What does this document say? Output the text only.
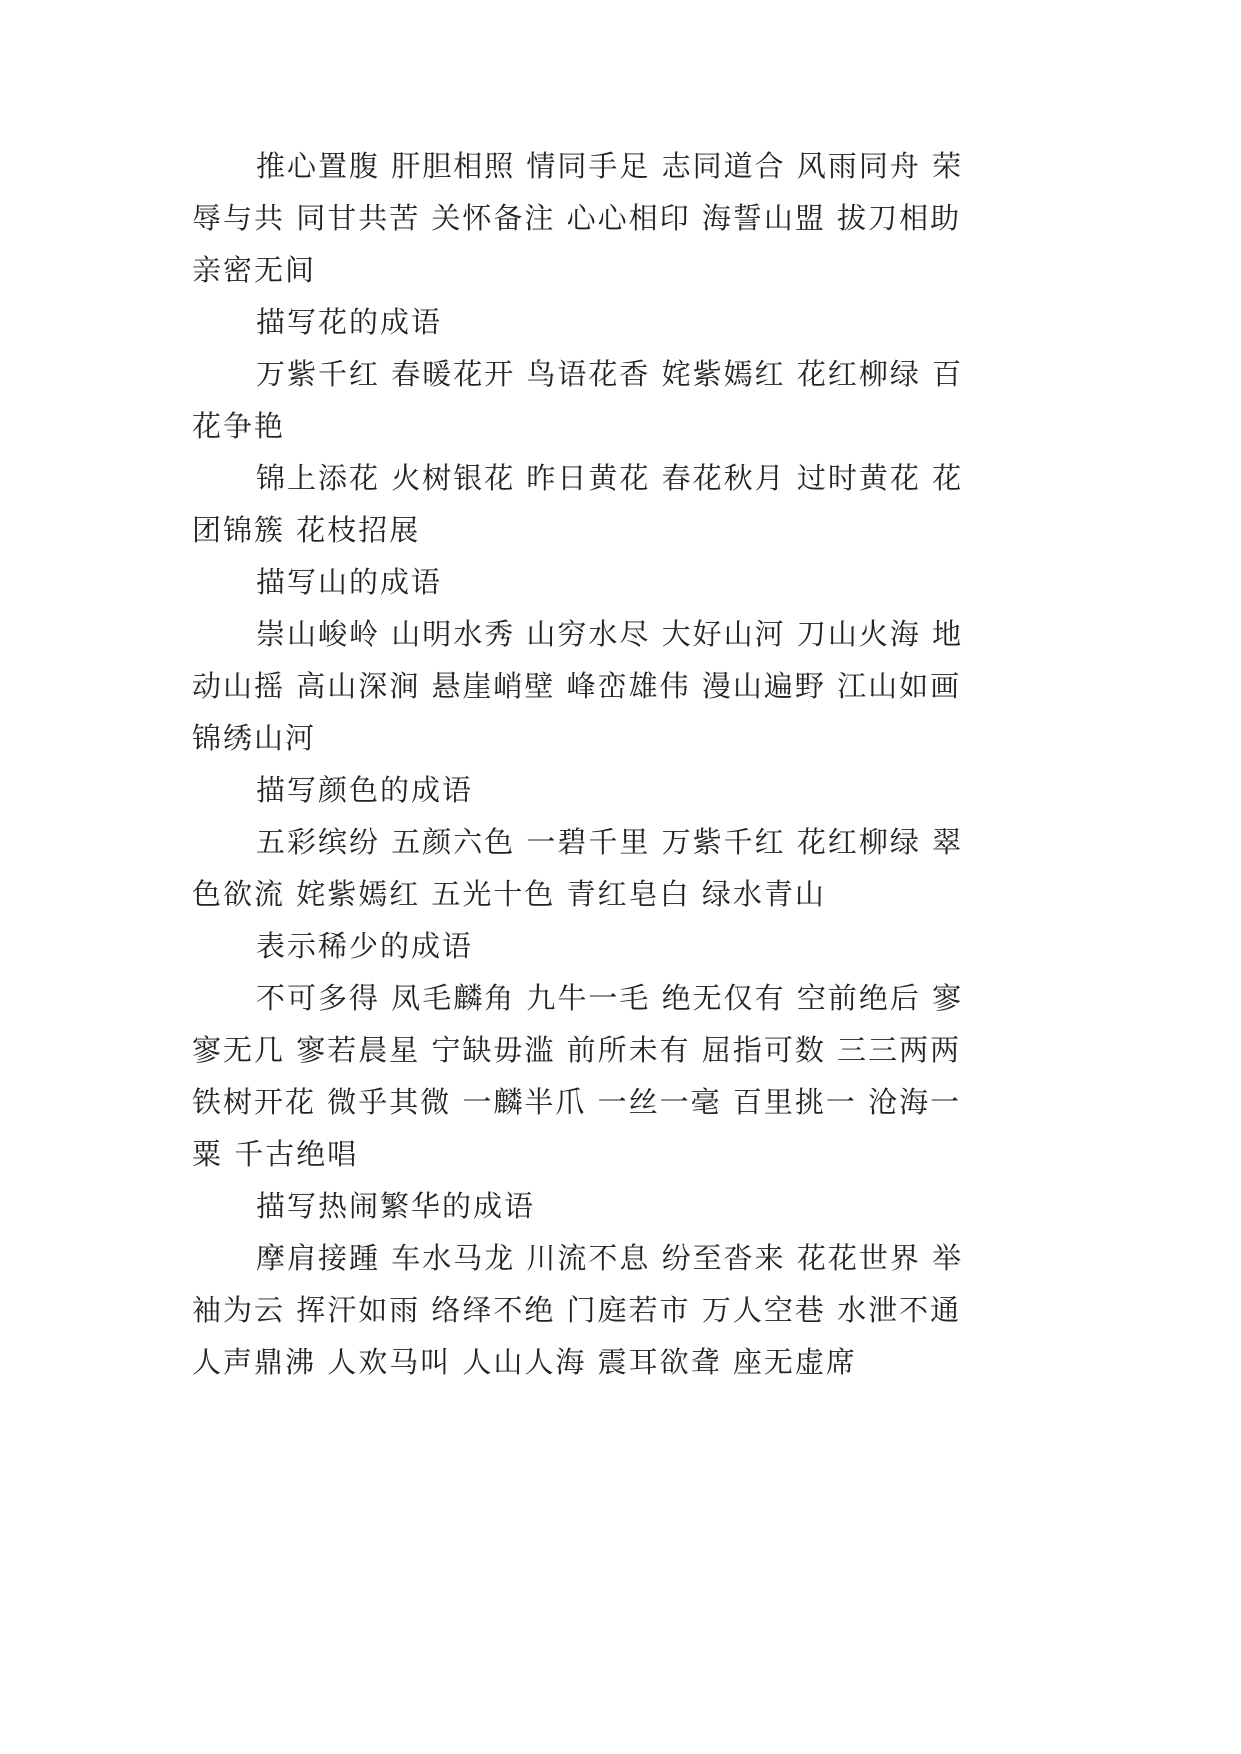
推心置腹 肝胆相照 情同手足 志同道合 风雨同舟 荣
辱与共 同甘共苦 关怀备注 心心相印 海誓山盟 拔刀相助
亲密无间
描写花的成语
万紫千红 春暖花开 鸟语花香 姹紫嫣红 花红柳绿 百
花争艳
锦上添花 火树银花 昨日黄花 春花秋月 过时黄花 花
团锦簇 花枝招展
描写山的成语
崇山峻岭 山明水秀 山穷水尽 大好山河 刀山火海 地
动山摇 高山深涧 悬崖峭壁 峰峦雄伟 漫山遍野 江山如画
锦绣山河
描写颜色的成语
五彩缤纷 五颜六色 一碧千里 万紫千红 花红柳绿 翠
色欲流 姹紫嫣红 五光十色 青红皂白 绿水青山
表示稀少的成语
不可多得 凤毛麟角 九牛一毛 绝无仅有 空前绝后 寥
寥无几 寥若晨星 宁缺毋滥 前所未有 屈指可数 三三两两
铁树开花 微乎其微 一麟半爪 一丝一毫 百里挑一 沧海一
粟 千古绝唱
描写热闹繁华的成语
摩肩接踵 车水马龙 川流不息 纷至沓来 花花世界 举
袖为云 挥汗如雨 络绎不绝 门庭若市 万人空巷 水泄不通
人声鼎沸 人欢马叫 人山人海 震耳欲聋 座无虚席
